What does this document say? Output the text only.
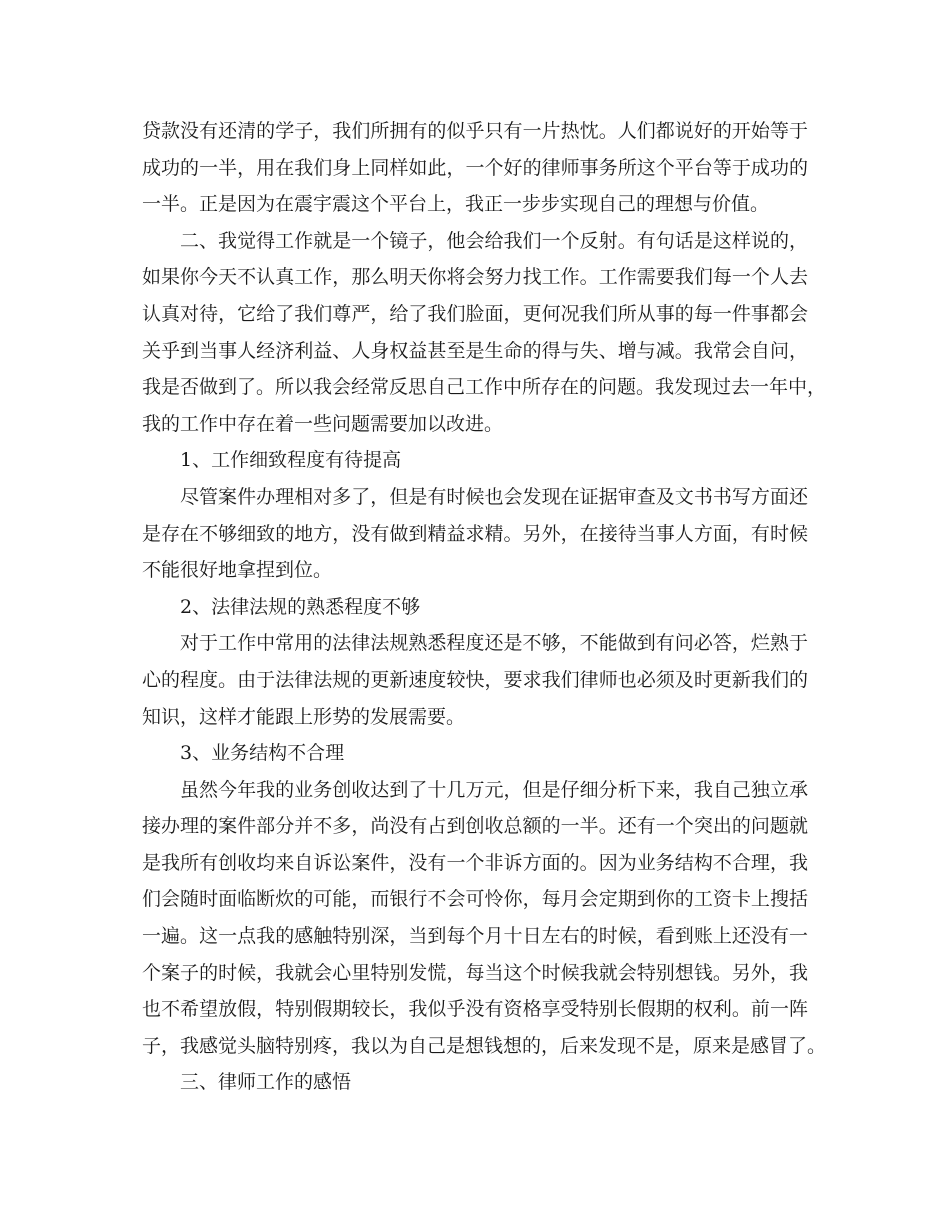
贷款没有还清的学子，我们所拥有的似乎只有一片热忱。人们都说好的开始等于
成功的一半，用在我们身上同样如此，一个好的律师事务所这个平台等于成功的
一半。正是因为在震宇震这个平台上，我正一步步实现自己的理想与价值。
二、我觉得工作就是一个镜子，他会给我们一个反射。有句话是这样说的，
如果你今天不认真工作，那么明天你将会努力找工作。工作需要我们每一个人去
认真对待，它给了我们尊严，给了我们脸面，更何况我们所从事的每一件事都会
关乎到当事人经济利益、人身权益甚至是生命的得与失、增与减。我常会自问，
我是否做到了。所以我会经常反思自己工作中所存在的问题。我发现过去一年中，
我的工作中存在着一些问题需要加以改进。
1、工作细致程度有待提高
尽管案件办理相对多了，但是有时候也会发现在证据审查及文书书写方面还
是存在不够细致的地方，没有做到精益求精。另外，在接待当事人方面，有时候
不能很好地拿捏到位。
2、法律法规的熟悉程度不够
对于工作中常用的法律法规熟悉程度还是不够，不能做到有问必答，烂熟于
心的程度。由于法律法规的更新速度较快，要求我们律师也必须及时更新我们的
知识，这样才能跟上形势的发展需要。
3、业务结构不合理
虽然今年我的业务创收达到了十几万元，但是仔细分析下来，我自己独立承
接办理的案件部分并不多，尚没有占到创收总额的一半。还有一个突出的问题就
是我所有创收均来自诉讼案件，没有一个非诉方面的。因为业务结构不合理，我
们会随时面临断炊的可能，而银行不会可怜你，每月会定期到你的工资卡上搜括
一遍。这一点我的感触特别深，当到每个月十日左右的时候，看到账上还没有一
个案子的时候，我就会心里特别发慌，每当这个时候我就会特别想钱。另外，我
也不希望放假，特别假期较长，我似乎没有资格享受特别长假期的权利。前一阵
子，我感觉头脑特别疼，我以为自己是想钱想的，后来发现不是，原来是感冒了。
三、律师工作的感悟
